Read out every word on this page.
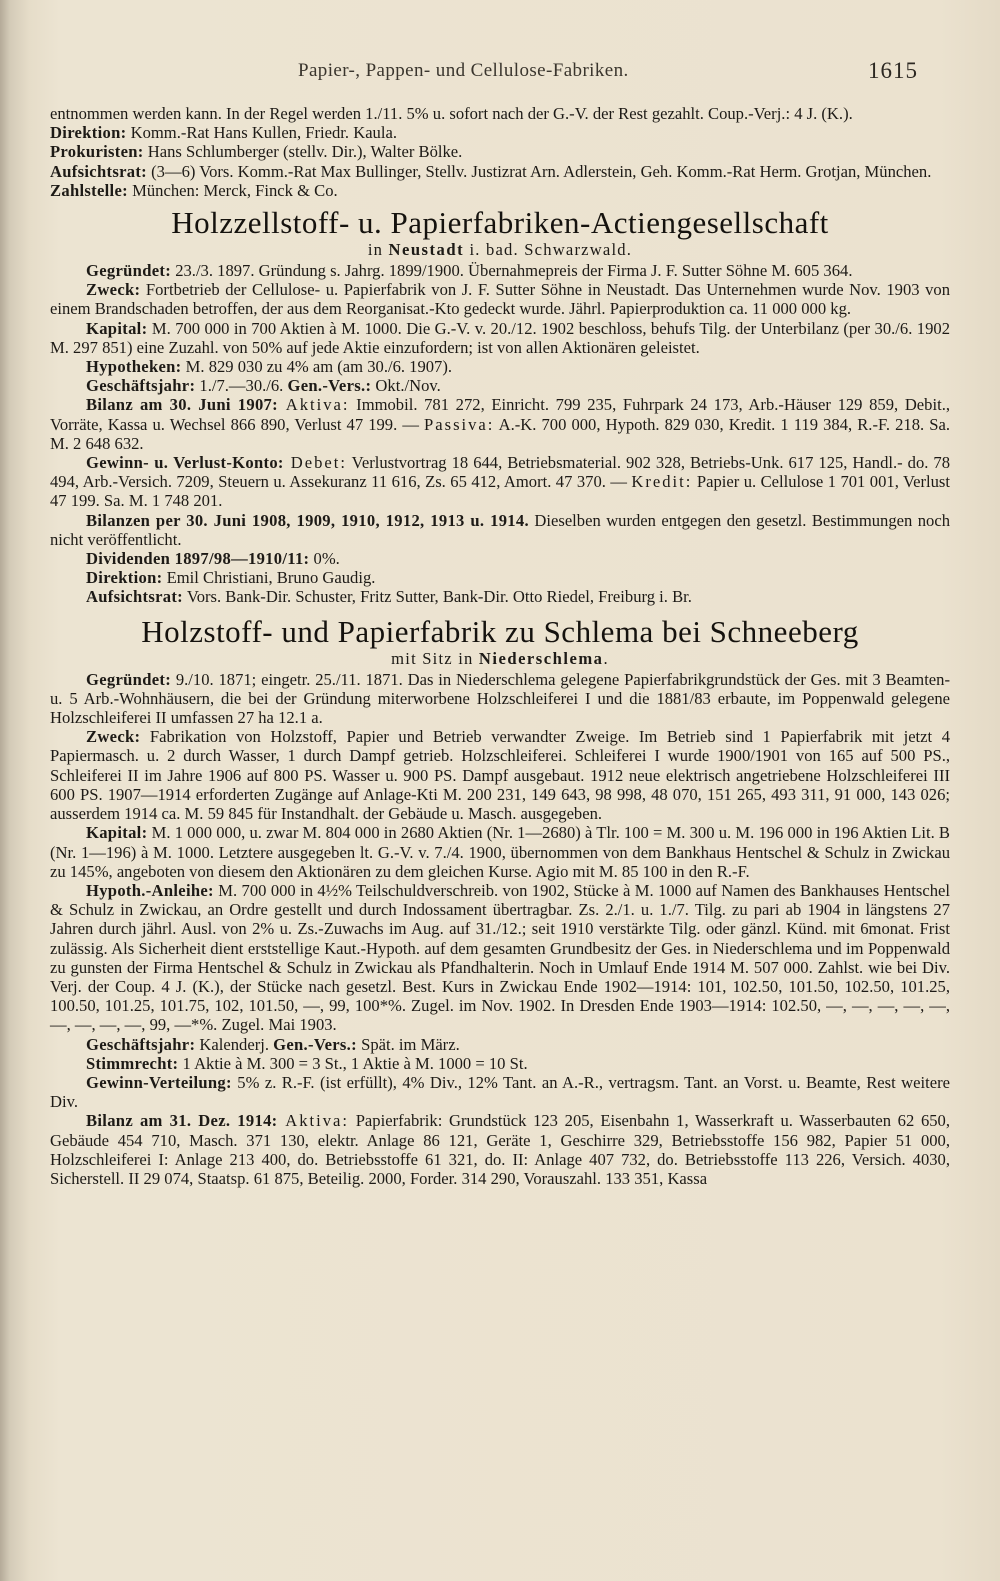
Papier-, Pappen- und Cellulose-Fabriken.	1615

entnommen werden kann. In der Regel werden 1./11. 5% u. sofort nach der G.-V. der Rest gezahlt. Coup.-Verj.: 4 J. (K.).

Direktion: Komm.-Rat Hans Kullen, Friedr. Kaula.

Prokuristen: Hans Schlumberger (stellv. Dir.), Walter Bölke.

Aufsichtsrat: (3—6) Vors. Komm.-Rat Max Bullinger, Stellv. Justizrat Arn. Adlerstein, Geh. Komm.-Rat Herm. Grotjan, München.

Zahlstelle: München: Merck, Finck & Co.

Holzzellstoff- u. Papierfabriken-Actiengesellschaft
in Neustadt i. bad. Schwarzwald.

Gegründet: 23./3. 1897. Gründung s. Jahrg. 1899/1900. Übernahmepreis der Firma J. F. Sutter Söhne M. 605 364.

Zweck: Fortbetrieb der Cellulose- u. Papierfabrik von J. F. Sutter Söhne in Neustadt. Das Unternehmen wurde Nov. 1903 von einem Brandschaden betroffen, der aus dem Reorganisat.-Kto gedeckt wurde. Jährl. Papierproduktion ca. 11 000 000 kg.

Kapital: M. 700 000 in 700 Aktien à M. 1000. Die G.-V. v. 20./12. 1902 beschloss, behufs Tilg. der Unterbilanz (per 30./6. 1902 M. 297 851) eine Zuzahl. von 50% auf jede Aktie einzufordern; ist von allen Aktionären geleistet.

Hypotheken: M. 829 030 zu 4% am (am 30./6. 1907).

Geschäftsjahr: 1./7.—30./6. Gen.-Vers.: Okt./Nov.

Bilanz am 30. Juni 1907: Aktiva: Immobil. 781 272, Einricht. 799 235, Fuhrpark 24 173, Arb.-Häuser 129 859, Debit., Vorräte, Kassa u. Wechsel 866 890, Verlust 47 199. — Passiva: A.-K. 700 000, Hypoth. 829 030, Kredit. 1 119 384, R.-F. 218. Sa. M. 2 648 632.

Gewinn- u. Verlust-Konto: Debet: Verlustvortrag 18 644, Betriebsmaterial. 902 328, Betriebs-Unk. 617 125, Handl.- do. 78 494, Arb.-Versich. 7209, Steuern u. Assekuranz 11 616, Zs. 65 412, Amort. 47 370. — Kredit: Papier u. Cellulose 1 701 001, Verlust 47 199. Sa. M. 1 748 201.

Bilanzen per 30. Juni 1908, 1909, 1910, 1912, 1913 u. 1914. Dieselben wurden entgegen den gesetzl. Bestimmungen noch nicht veröffentlicht.

Dividenden 1897/98—1910/11: 0%.

Direktion: Emil Christiani, Bruno Gaudig.

Aufsichtsrat: Vors. Bank-Dir. Schuster, Fritz Sutter, Bank-Dir. Otto Riedel, Freiburg i. Br.

Holzstoff- und Papierfabrik zu Schlema bei Schneeberg
mit Sitz in Niederschlema.

Gegründet: 9./10. 1871; eingetr. 25./11. 1871. Das in Niederschlema gelegene Papierfabrikgrundstück der Ges. mit 3 Beamten- u. 5 Arb.-Wohnhäusern, die bei der Gründung miterworbene Holzschleiferei I und die 1881/83 erbaute, im Poppenwald gelegene Holzschleiferei II umfassen 27 ha 12.1 a.

Zweck: Fabrikation von Holzstoff, Papier und Betrieb verwandter Zweige. Im Betrieb sind 1 Papierfabrik mit jetzt 4 Papiermasch. u. 2 durch Wasser, 1 durch Dampf getrieb. Holzschleiferei. Schleiferei I wurde 1900/1901 von 165 auf 500 PS., Schleiferei II im Jahre 1906 auf 800 PS. Wasser u. 900 PS. Dampf ausgebaut. 1912 neue elektrisch angetriebene Holzschleiferei III 600 PS. 1907—1914 erforderten Zugänge auf Anlage-Kti M. 200 231, 149 643, 98 998, 48 070, 151 265, 493 311, 91 000, 143 026; ausserdem 1914 ca. M. 59 845 für Instandhalt. der Gebäude u. Masch. ausgegeben.

Kapital: M. 1 000 000, u. zwar M. 804 000 in 2680 Aktien (Nr. 1—2680) à Tlr. 100 = M. 300 u. M. 196 000 in 196 Aktien Lit. B (Nr. 1—196) à M. 1000. Letztere ausgegeben lt. G.-V. v. 7./4. 1900, übernommen von dem Bankhaus Hentschel & Schulz in Zwickau zu 145%, angeboten von diesem den Aktionären zu dem gleichen Kurse. Agio mit M. 85 100 in den R.-F.

Hypoth.-Anleihe: M. 700 000 in 4½% Teilschuldverschreib. von 1902, Stücke à M. 1000 auf Namen des Bankhauses Hentschel & Schulz in Zwickau, an Ordre gestellt und durch Indossament übertragbar. Zs. 2./1. u. 1./7. Tilg. zu pari ab 1904 in längstens 27 Jahren durch jährl. Ausl. von 2% u. Zs.-Zuwachs im Aug. auf 31./12.; seit 1910 verstärkte Tilg. oder gänzl. Künd. mit 6monat. Frist zulässig. Als Sicherheit dient erststellige Kaut.-Hypoth. auf dem gesamten Grundbesitz der Ges. in Niederschlema und im Poppenwald zu gunsten der Firma Hentschel & Schulz in Zwickau als Pfandhalterin. Noch in Umlauf Ende 1914 M. 507 000. Zahlst. wie bei Div. Verj. der Coup. 4 J. (K.), der Stücke nach gesetzl. Best. Kurs in Zwickau Ende 1902—1914: 101, 102.50, 101.50, 102.50, 101.25, 100.50, 101.25, 101.75, 102, 101.50, —, 99, 100*%. Zugel. im Nov. 1902. In Dresden Ende 1903—1914: 102.50, —, —, —, —, —, —, —, —, —, 99, —*%. Zugel. Mai 1903.

Geschäftsjahr: Kalenderj. Gen.-Vers.: Spät. im März.

Stimmrecht: 1 Aktie à M. 300 = 3 St., 1 Aktie à M. 1000 = 10 St.

Gewinn-Verteilung: 5% z. R.-F. (ist erfüllt), 4% Div., 12% Tant. an A.-R., vertragsm. Tant. an Vorst. u. Beamte, Rest weitere Div.

Bilanz am 31. Dez. 1914: Aktiva: Papierfabrik: Grundstück 123 205, Eisenbahn 1, Wasserkraft u. Wasserbauten 62 650, Gebäude 454 710, Masch. 371 130, elektr. Anlage 86 121, Geräte 1, Geschirre 329, Betriebsstoffe 156 982, Papier 51 000, Holzschleiferei I: Anlage 213 400, do. Betriebsstoffe 61 321, do. II: Anlage 407 732, do. Betriebsstoffe 113 226, Versich. 4030, Sicherstell. II 29 074, Staatsp. 61 875, Beteilig. 2000, Forder. 314 290, Vorauszahl. 133 351, Kassa
